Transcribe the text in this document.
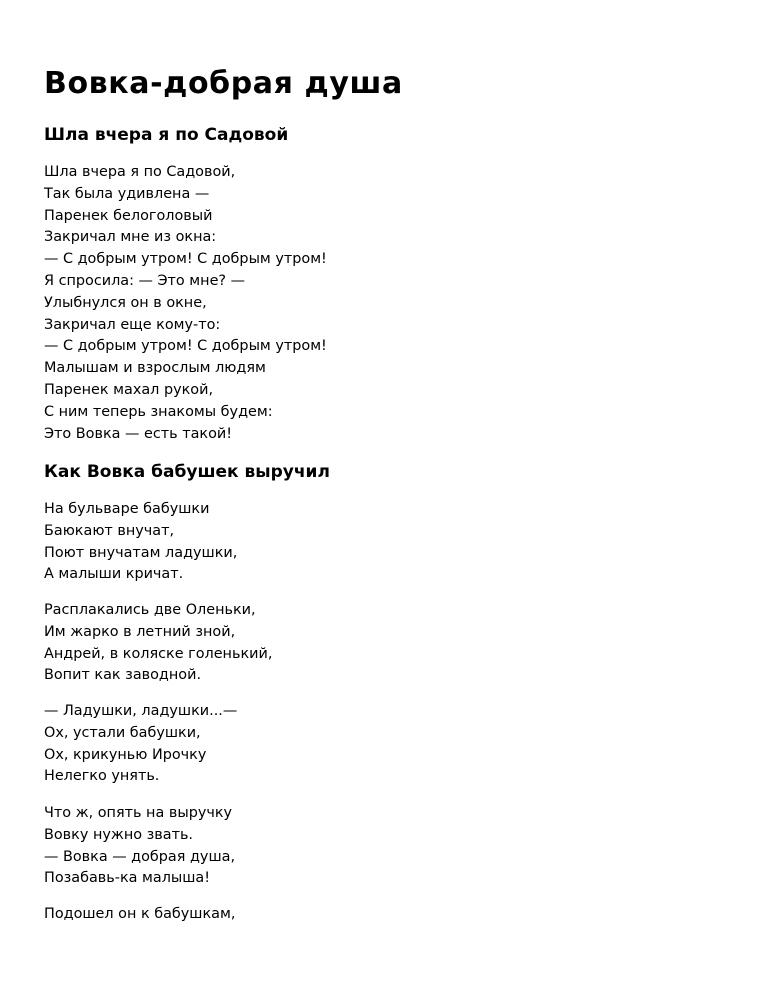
Вовка-добрая душа
Шла вчера я по Садовой
Шла вчера я по Садовой,
Так была удивлена —
Паренек белоголовый
Закричал мне из окна:
— С добрым утром! С добрым утром!
Я спросила: — Это мне? —
Улыбнулся он в окне,
Закричал еще кому-то:
— С добрым утром! С добрым утром!
Малышам и взрослым людям
Паренек махал рукой,
С ним теперь знакомы будем:
Это Вовка — есть такой!
Как Вовка бабушек выручил
На бульваре бабушки
Баюкают внучат,
Поют внучатам ладушки,
А малыши кричат.
Расплакались две Оленьки,
Им жарко в летний зной,
Андрей, в коляске голенький,
Вопит как заводной.
— Ладушки, ладушки...—
Ох, устали бабушки,
Ох, крикунью Ирочку
Нелегко унять.
Что ж, опять на выручку
Вовку нужно звать.
— Вовка — добрая душа,
Позабавь-ка малыша!
Подошел он к бабушкам,
